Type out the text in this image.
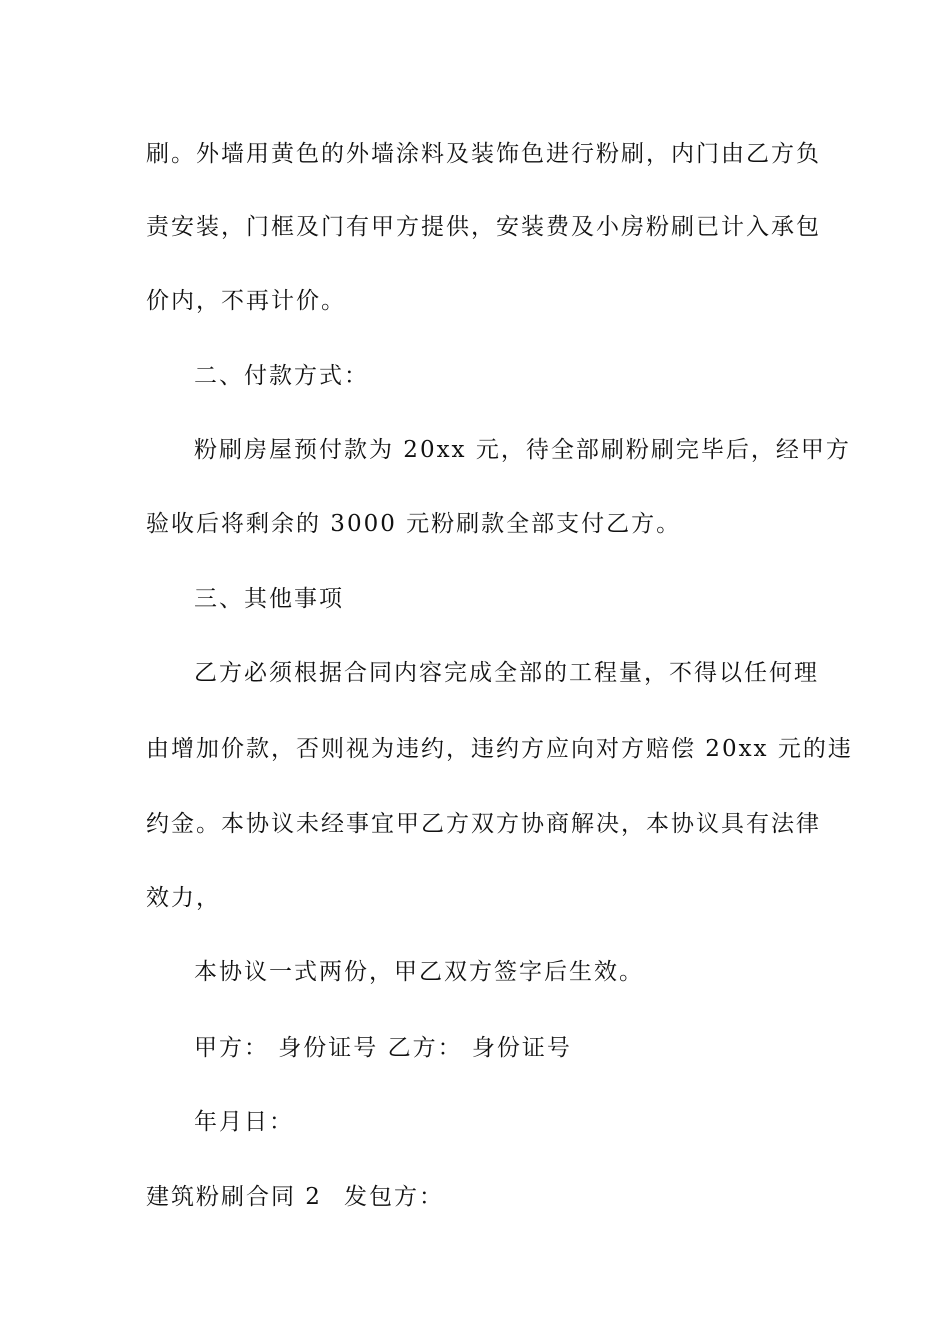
刷。外墙用黄色的外墙涂料及装饰色进行粉刷，内门由乙方负
责安装，门框及门有甲方提供，安装费及小房粉刷已计入承包
价内，不再计价。
二、付款方式：
粉刷房屋预付款为 20xx 元，待全部刷粉刷完毕后，经甲方
验收后将剩余的 3000 元粉刷款全部支付乙方。
三、其他事项
乙方必须根据合同内容完成全部的工程量，不得以任何理
由增加价款，否则视为违约，违约方应向对方赔偿 20xx 元的违
约金。本协议未经事宜甲乙方双方协商解决，本协议具有法律
效力，
本协议一式两份，甲乙双方签字后生效。
甲方： 身份证号 乙方： 身份证号
年月日：
建筑粉刷合同 2 发包方：
